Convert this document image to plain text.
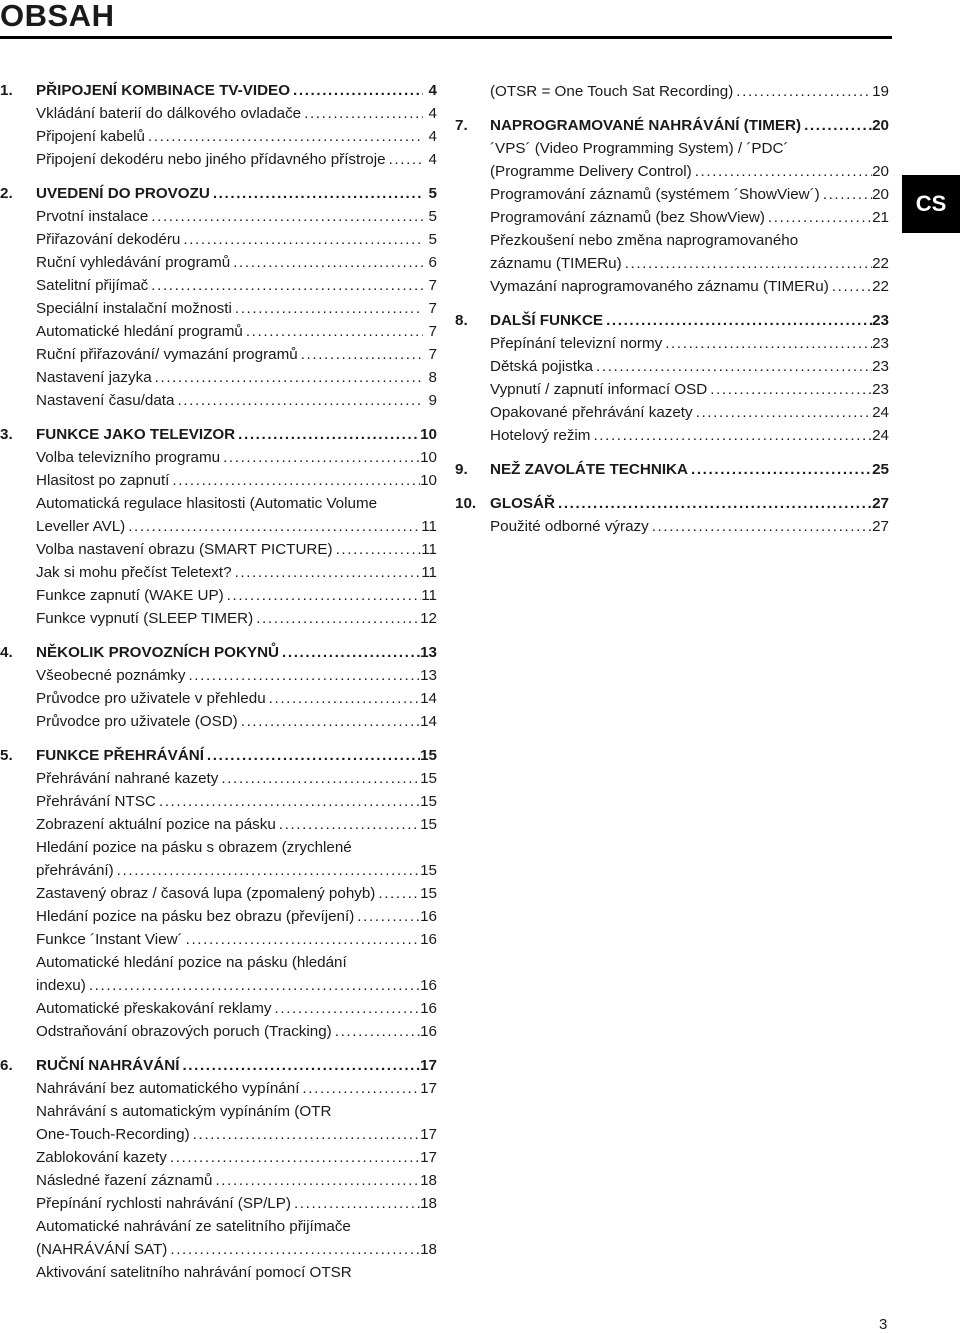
OBSAH
CS
1. PŘIPOJENÍ KOMBINACE TV-VIDEO . . .	4
Vkládání baterií do dálkového ovladače . . .	4
Připojení kabelů . . .	4
Připojení dekodéru nebo jiného přídavného přístroje . . .	4
2. UVEDENÍ DO PROVOZU . . .	5
Prvotní instalace . . .	5
Přiřazování dekodéru . . .	5
Ruční vyhledávání programů . . .	6
Satelitní přijímač . . .	7
Speciální instalační možnosti . . .	7
Automatické hledání programů . . .	7
Ruční přiřazování/ vymazání programů . . .	7
Nastavení jazyka . . .	8
Nastavení času/data . . .	9
3. FUNKCE JAKO TELEVIZOR . . .	10
Volba televizního programu . . .	10
Hlasitost po zapnutí . . .	10
Automatická regulace hlasitosti (Automatic Volume
Leveller AVL) . . .	11
Volba nastavení obrazu (SMART PICTURE) . . .	11
Jak si mohu přečíst Teletext? . . .	11
Funkce zapnutí (WAKE UP) . . .	11
Funkce vypnutí (SLEEP TIMER) . . .	12
4. NĚKOLIK PROVOZNÍCH POKYNŮ . . .	13
Všeobecné poznámky . . .	13
Průvodce pro uživatele v přehledu . . .	14
Průvodce pro uživatele (OSD) . . .	14
5. FUNKCE PŘEHRÁVÁNÍ . . .	15
Přehrávání nahrané kazety . . .	15
Přehrávání NTSC . . .	15
Zobrazení aktuální pozice na pásku . . .	15
Hledání pozice na pásku s obrazem (zrychlené
přehrávání) . . .	15
Zastavený obraz / časová lupa (zpomalený pohyb) . . .	15
Hledání pozice na pásku bez obrazu (převíjení) . . .	16
Funkce ´Instant View´ . . .	16
Automatické hledání pozice na pásku (hledání
indexu) . . .	16
Automatické přeskakování reklamy . . .	16
Odstraňování obrazových poruch (Tracking) . . .	16
6. RUČNÍ NAHRÁVÁNÍ . . .	17
Nahrávání bez automatického vypínání . . .	17
Nahrávání s automatickým vypínáním (OTR
One-Touch-Recording) . . .	17
Zablokování kazety . . .	17
Následné řazení záznamů . . .	18
Přepínání rychlosti nahrávání (SP/LP) . . .	18
Automatické nahrávání ze satelitního přijímače
(NAHRÁVÁNÍ SAT) . . .	18
Aktivování satelitního nahrávání pomocí OTSR
(OTSR = One Touch Sat Recording) . . .	19
7. NAPROGRAMOVANÉ NAHRÁVÁNÍ (TIMER) . . .	20
´VPS´ (Video Programming System) / ´PDC´
(Programme Delivery Control) . . .	20
Programování záznamů (systémem ´ShowView´) . . .	20
Programování záznamů (bez ShowView) . . .	21
Přezkoušení nebo změna naprogramovaného
záznamu (TIMERu) . . .	22
Vymazání naprogramovaného záznamu (TIMERu) . . .	22
8. DALŠÍ FUNKCE . . .	23
Přepínání televizní normy . . .	23
Dětská pojistka . . .	23
Vypnutí / zapnutí informací OSD . . .	23
Opakované přehrávání kazety . . .	24
Hotelový režim . . .	24
9. NEŽ ZAVOLÁTE TECHNIKA . . .	25
10. GLOSÁŘ . . .	27
Použité odborné výrazy . . .	27
3
